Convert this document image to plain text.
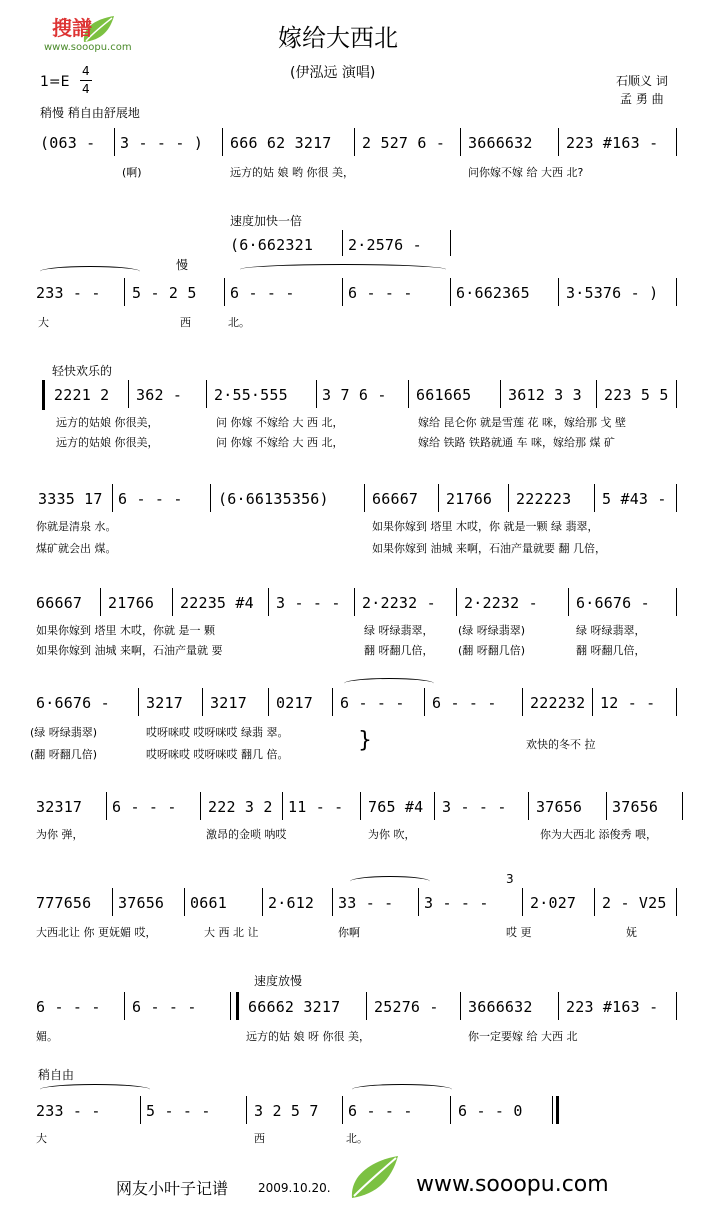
搜譜
www.sooopu.com	嫁给大西北
(伊泓远 演唱)
1=E
4
4
稍慢 稍自由舒展地
石顺义 词
孟 勇 曲
(063 - 3 - - - ) 666 62 3217 2 527 6 - 3666632 223 #163 -
(啊)	远方的姑 娘 哟 你很 美，	问你嫁不嫁 给 大西 北?
速度加快一倍
(6·662321 2·2576 -
慢
233 - - 5 - 2 5 6 - - -	6 - - -	6·662365 3·5376 - )
大	西	北。
轻快欢乐的
2221 2 362 - 2·55·555 3 7 6 - 661665 3612 3 3 223 5 5
远方的姑娘 你很美，	问 你嫁 不嫁给 大 西 北，	嫁给 昆仑你 就是雪莲 花 咪，嫁给那 戈 壁
远方的姑娘 你很美，	问 你嫁 不嫁给 大 西 北，	嫁给 铁路 铁路就通 车 咪，嫁给那 煤 矿
3335 17 6 - - - (6·66135356)	66667 21766 222223 5 #43 -
你就是清泉 水。	如果你嫁到 塔里 木哎，你 就是一颗 绿 翡翠，
煤矿就会出 煤。	如果你嫁到 油城 来啊，石油产量就要 翻 几倍，
66667 21766 22235 #4 3 - - - 2·2232 - 2·2232 -	6·6676 -
如果你嫁到 塔里 木哎，你就 是一 颗	绿 呀绿翡翠， (绿 呀绿翡翠)	绿 呀绿翡翠，
如果你嫁到 油城 来啊，石油产量就 要	翻 呀翻几倍， (翻 呀翻几倍)	翻 呀翻几倍，
6·6676 - 3217 3217 0217 6 - - - 6 - - - 222232 12 - -
(绿 呀绿翡翠)	哎呀咪哎 哎呀咪哎 绿翡 翠。
(翻 呀翻几倍)	哎呀咪哎 哎呀咪哎 翻几 倍。
}	欢快的冬不 拉
32317 6 - - - 222 3 2 11 - - 765 #4 3 - - - 37656 37656
为你 弹，	激昂的金唢 呐哎	为你 吹，	你为大西北 添俊秀 喂，
777656 37656 0661	2·612 33 - - 3 - - -	2·027 2 - V25
3
大西北让 你 更妩媚 哎，	大 西 北 让	你啊	哎 更	妩
速度放慢
6 - - - 6 - - -	66662 3217 25276 - 3666632 223 #163 -
媚。	远方的姑 娘 呀 你很 美，	你一定要嫁 给 大西 北
稍自由
233 - -	5 - - -	3 2 5 7 6 - - -	6 - - 0
大	西	北。
网友小叶子记谱 2009.10.20.	www.sooopu.com
